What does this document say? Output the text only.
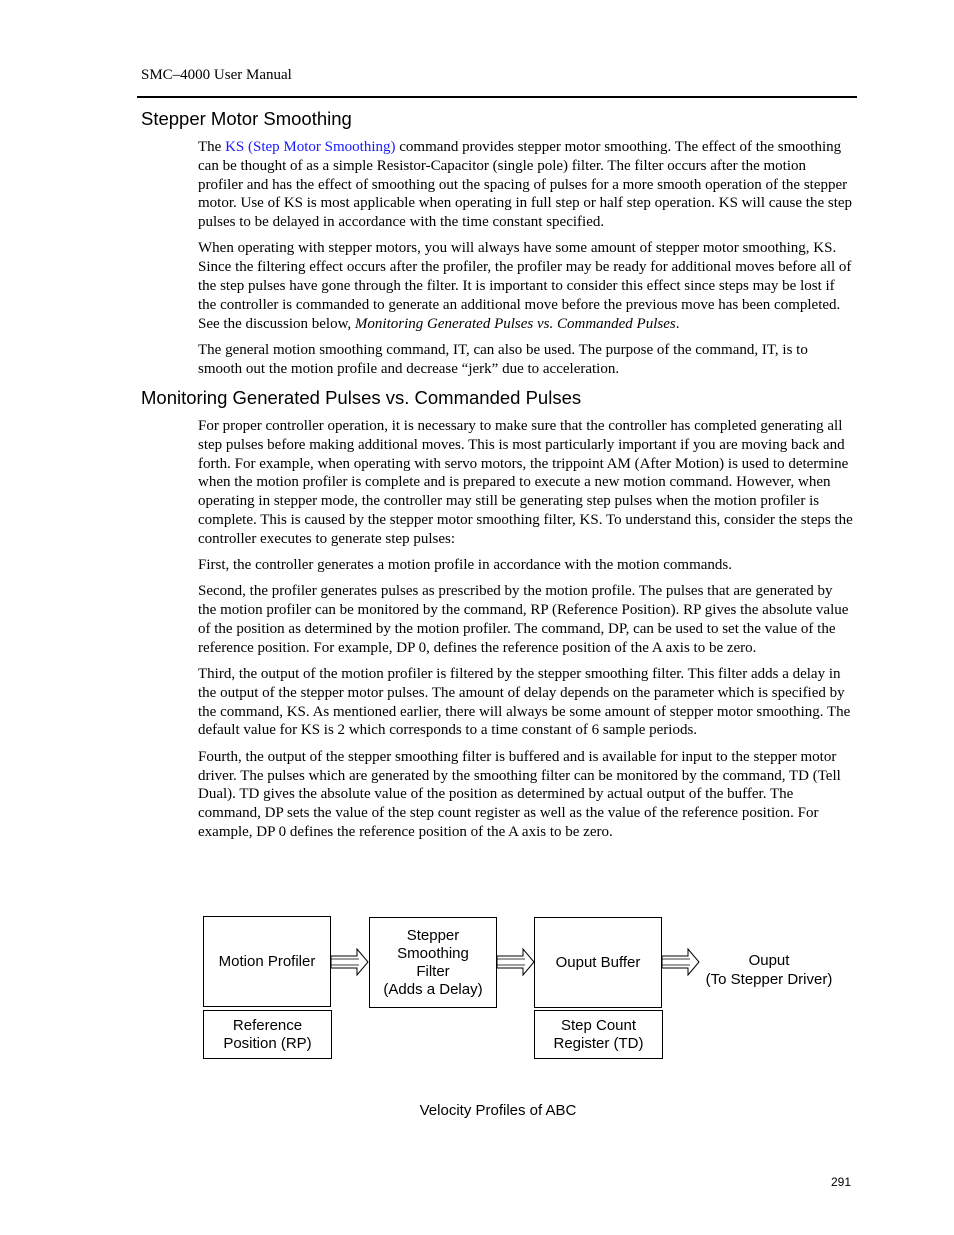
SMC–4000 User Manual
Stepper Motor Smoothing

The KS (Step Motor Smoothing) command provides stepper motor smoothing. The effect of the smoothing can be thought of as a simple Resistor-Capacitor (single pole) filter. The filter occurs after the motion profiler and has the effect of smoothing out the spacing of pulses for a more smooth operation of the stepper motor. Use of KS is most applicable when operating in full step or half step operation. KS will cause the step pulses to be delayed in accordance with the time constant specified.

When operating with stepper motors, you will always have some amount of stepper motor smoothing, KS. Since the filtering effect occurs after the profiler, the profiler may be ready for additional moves before all of the step pulses have gone through the filter. It is important to consider this effect since steps may be lost if the controller is commanded to generate an additional move before the previous move has been completed. See the discussion below, Monitoring Generated Pulses vs. Commanded Pulses.

The general motion smoothing command, IT, can also be used. The purpose of the command, IT, is to smooth out the motion profile and decrease “jerk” due to acceleration.

Monitoring Generated Pulses vs. Commanded Pulses

For proper controller operation, it is necessary to make sure that the controller has completed generating all step pulses before making additional moves. This is most particularly important if you are moving back and forth. For example, when operating with servo motors, the trippoint AM (After Motion) is used to determine when the motion profiler is complete and is prepared to execute a new motion command. However, when operating in stepper mode, the controller may still be generating step pulses when the motion profiler is complete. This is caused by the stepper motor smoothing filter, KS. To understand this, consider the steps the controller executes to generate step pulses:

First, the controller generates a motion profile in accordance with the motion commands.

Second, the profiler generates pulses as prescribed by the motion profile. The pulses that are generated by the motion profiler can be monitored by the command, RP (Reference Position). RP gives the absolute value of the position as determined by the motion profiler. The command, DP, can be used to set the value of the reference position. For example, DP 0, defines the reference position of the A axis to be zero.

Third, the output of the motion profiler is filtered by the stepper smoothing filter. This filter adds a delay in the output of the stepper motor pulses. The amount of delay depends on the parameter which is specified by the command, KS. As mentioned earlier, there will always be some amount of stepper motor smoothing. The default value for KS is 2 which corresponds to a time constant of 6 sample periods.

Fourth, the output of the stepper smoothing filter is buffered and is available for input to the stepper motor driver. The pulses which are generated by the smoothing filter can be monitored by the command, TD (Tell Dual). TD gives the absolute value of the position as determined by actual output of the buffer. The command, DP sets the value of the step count register as well as the value of the reference position. For example, DP 0 defines the reference position of the A axis to be zero.

Motion Profiler
Stepper
Smoothing
Filter
(Adds a Delay)
Ouput Buffer	Ouput
(To Stepper Driver)
Reference
Position (RP)
Step Count
Register (TD)
Velocity Profiles of ABC
291
